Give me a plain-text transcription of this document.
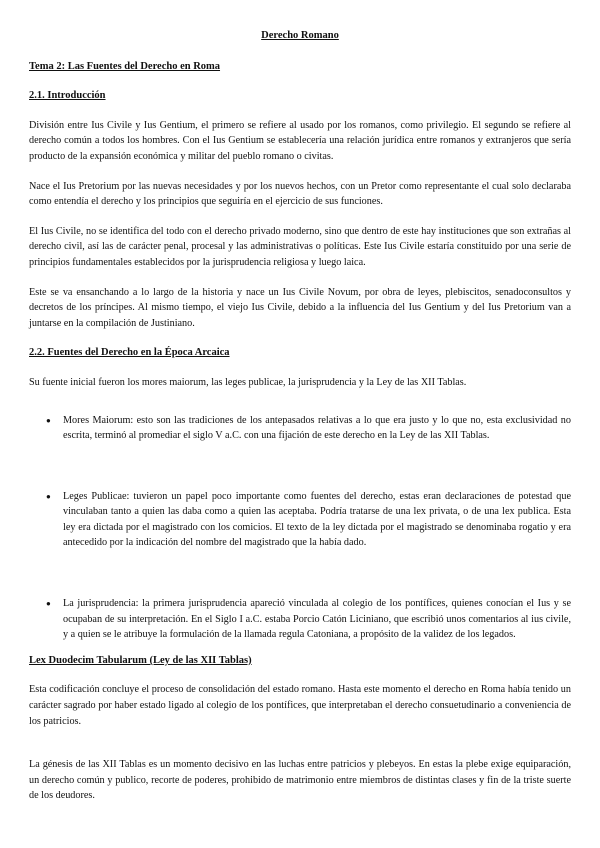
Derecho Romano
Tema 2: Las Fuentes del Derecho en Roma
2.1. Introducción

División entre Ius Civile y Ius Gentium, el primero se refiere al usado por los romanos, como privilegio. El segundo se refiere al derecho común a todos los hombres. Con el Ius Gentium se establecería una relación jurídica entre romanos y extranjeros que sería producto de la expansión económica y militar del pueblo romano o civitas.

Nace el Ius Pretorium por las nuevas necesidades y por los nuevos hechos, con un Pretor como representante el cual solo declaraba como entendía el derecho y los principios que seguiría en el ejercicio de sus funciones.

El Ius Civile, no se identifica del todo con el derecho privado moderno, sino que dentro de este hay instituciones que son extrañas al derecho civil, así las de carácter penal, procesal y las administrativas o políticas. Este Ius Civile estaría constituido por una serie de principios fundamentales establecidos por la jurisprudencia religiosa y luego laica.

Este se va ensanchando a lo largo de la historia y nace un Ius Civile Novum, por obra de leyes, plebiscitos, senadoconsultos y decretos de los príncipes. Al mismo tiempo, el viejo Ius Civile, debido a la influencia del Ius Gentium y del Ius Pretorium van a juntarse en la compilación de Justiniano.

2.2. Fuentes del Derecho en la Época Arcaica

Su fuente inicial fueron los mores maiorum, las leges publicae, la jurisprudencia y la Ley de las XII Tablas.

● Mores Maiorum: esto son las tradiciones de los antepasados relativas a lo que era justo y lo que no, esta exclusividad no escrita, terminó al promediar el siglo V a.C. con una fijación de este derecho en la Ley de las XII Tablas.
● Leges Publicae: tuvieron un papel poco importante como fuentes del derecho, estas eran declaraciones de potestad que vinculaban tanto a quien las daba como a quien las aceptaba. Podría tratarse de una lex privata, o de una lex publica. Esta ley era dictada por el magistrado con los comicios. El texto de la ley dictada por el magistrado se denominaba rogatio y era antecedido por la indicación del nombre del magistrado que la había dado.
● La jurisprudencia: la primera jurisprudencia apareció vinculada al colegio de los pontífices, quienes conocían el Ius y se ocupaban de su interpretación. En el Siglo I a.C. estaba Porcio Catón Liciniano, que escribió unos comentarios al ius civile, y a quien se le atribuye la formulación de la llamada regula Catoniana, a propósito de la validez de los legados.
Lex Duodecim Tabularum (Ley de las XII Tablas)

Esta codificación concluye el proceso de consolidación del estado romano. Hasta este momento el derecho en Roma había tenido un carácter sagrado por haber estado ligado al colegio de los pontífices, que interpretaban el derecho consuetudinario a conveniencia de los patricios.

La génesis de las XII Tablas es un momento decisivo en las luchas entre patricios y plebeyos. En estas la plebe exige equiparación, un derecho común y publico, recorte de poderes, prohibido de matrimonio entre miembros de distintas clases y fin de la triste suerte de los deudores.
